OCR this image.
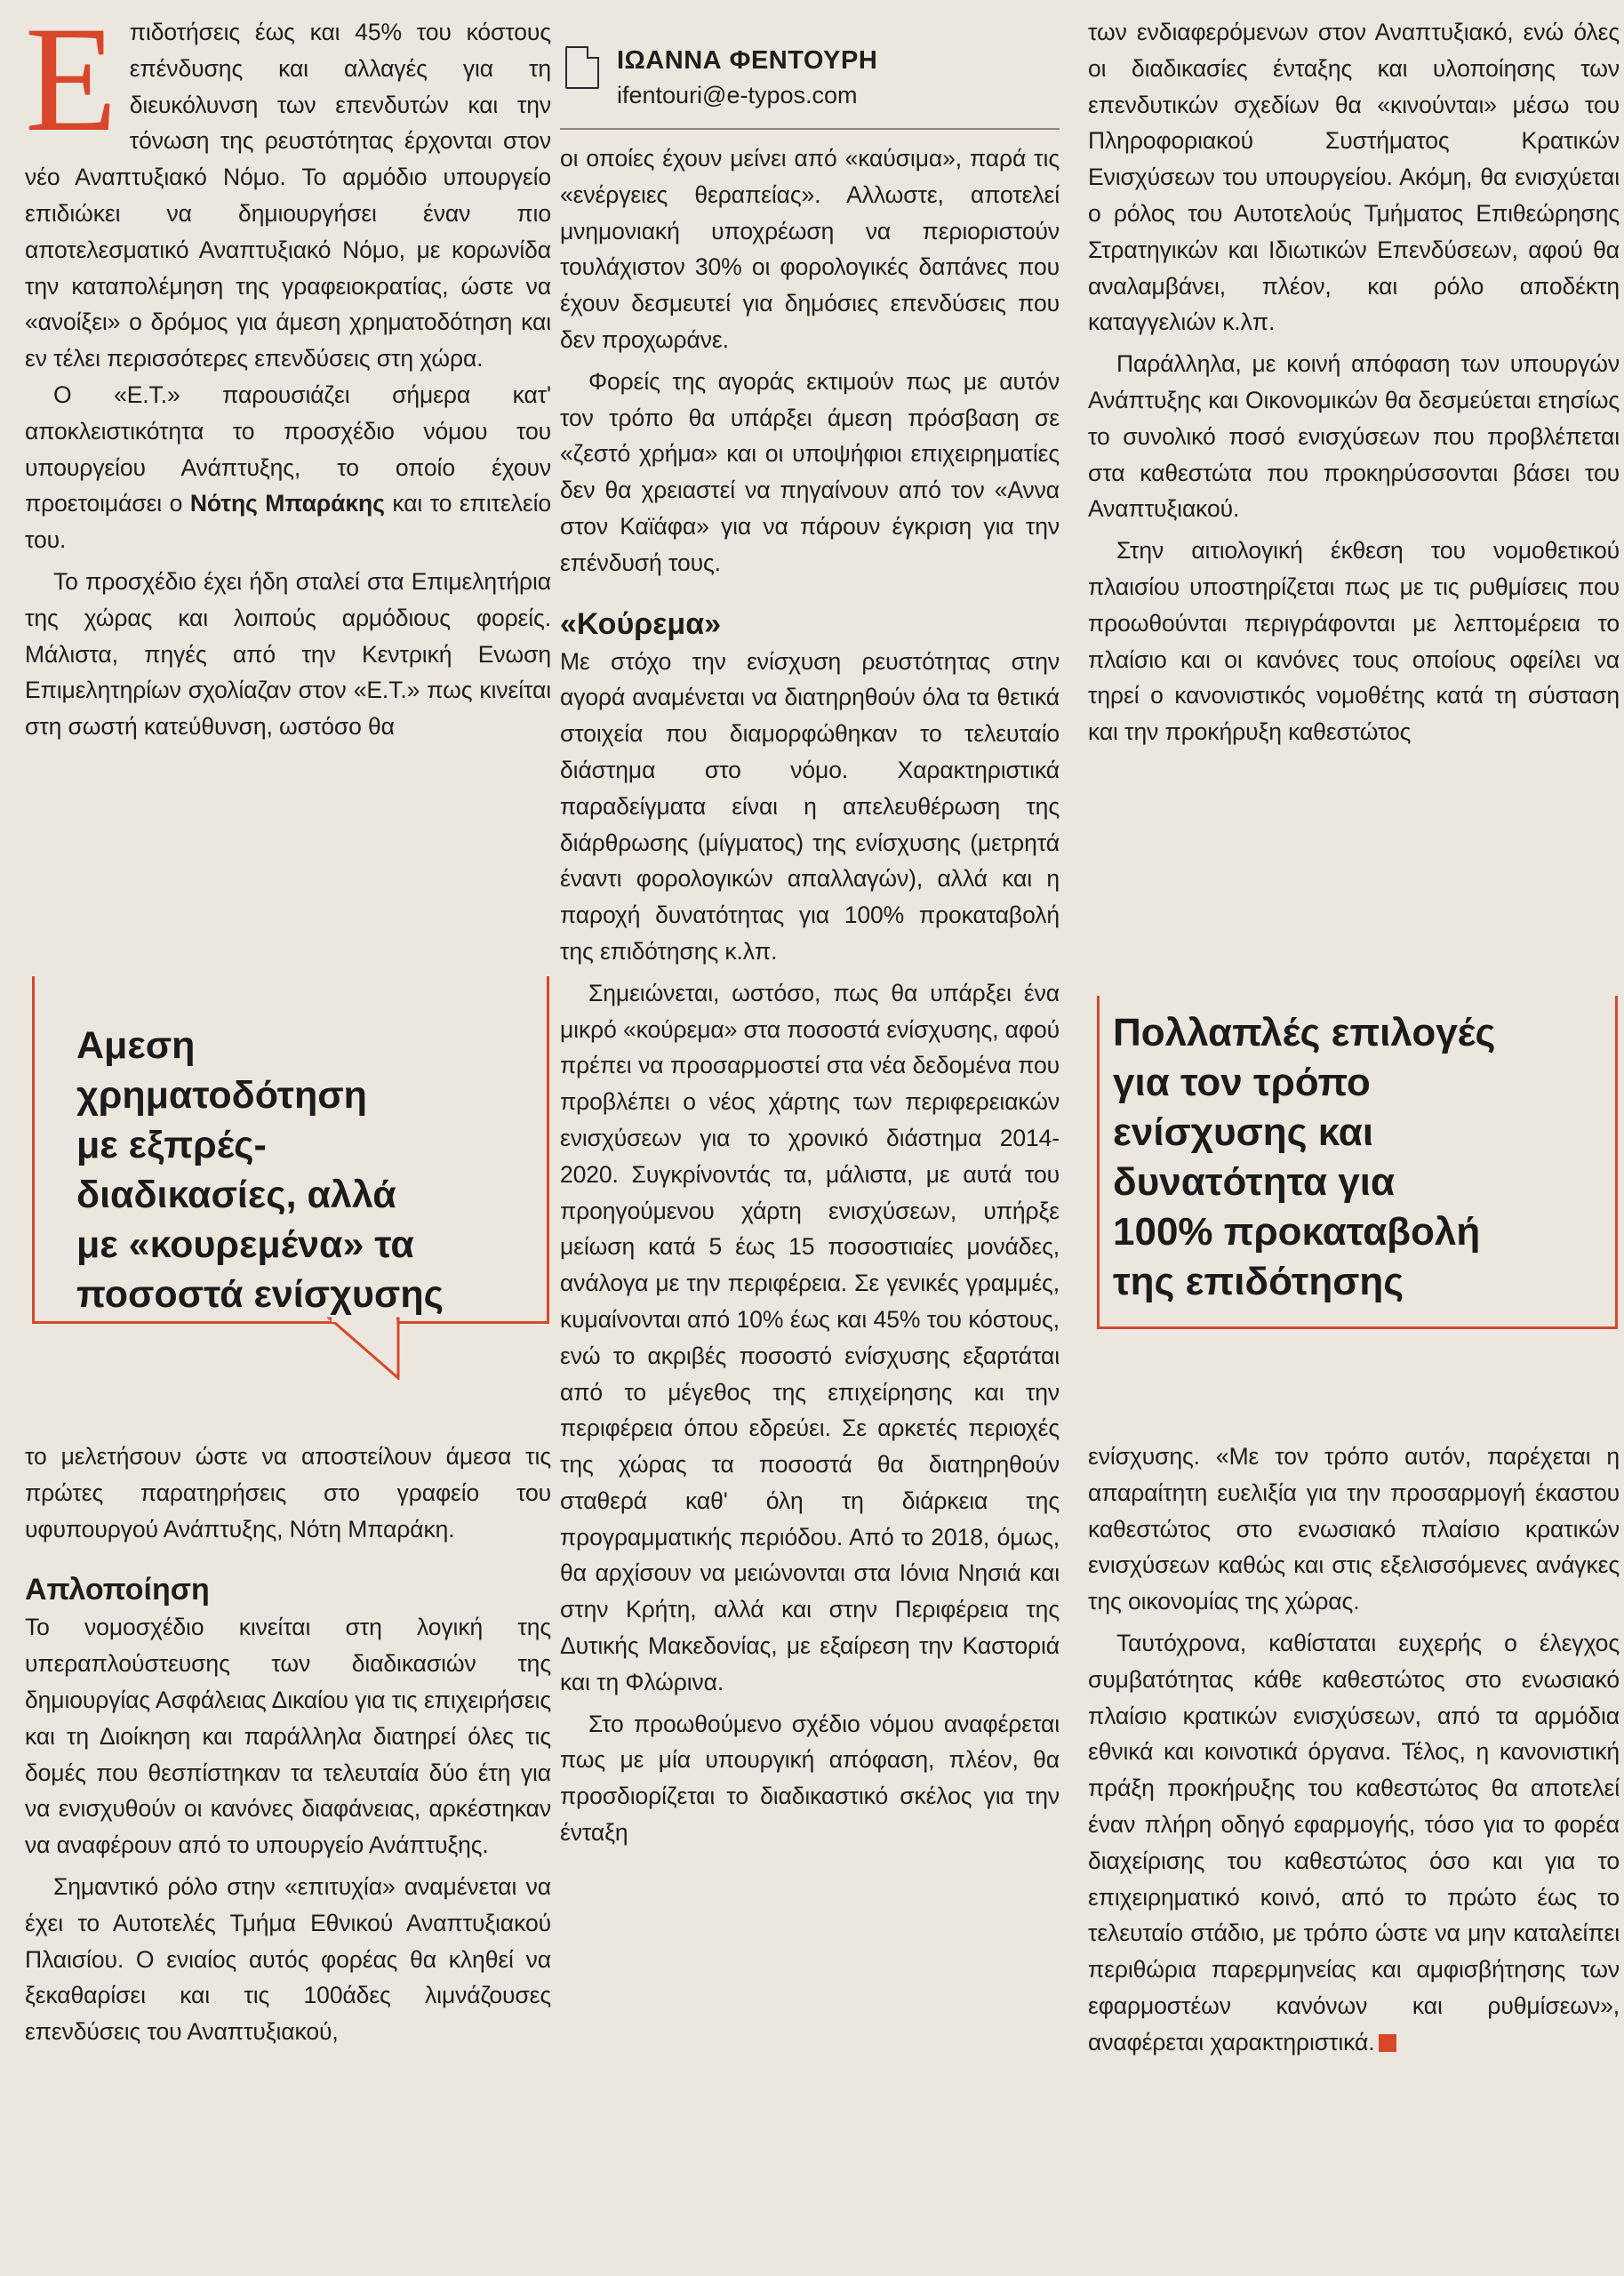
Ε πιδοτήσεις έως και 45% του κόστους επένδυσης και αλλαγές για τη διευκόλυνση των επενδυτών και την τόνωση της ρευστότητας έρχονται στον νέο Αναπτυξιακό Νόμο. Το αρμόδιο υπουργείο επιδιώκει να δημιουργήσει έναν πιο αποτελεσματικό Αναπτυξιακό Νόμο, με κορωνίδα την καταπολέμηση της γραφειοκρατίας, ώστε να «ανοίξει» ο δρόμος για άμεση χρηματοδότηση και εν τέλει περισσότερες επενδύσεις στη χώρα.

Ο «Ε.Τ.» παρουσιάζει σήμερα κατ' αποκλειστικότητα το προσχέδιο νόμου του υπουργείου Ανάπτυξης, το οποίο έχουν προετοιμάσει ο Νότης Μπαράκης και το επιτελείο του.

Το προσχέδιο έχει ήδη σταλεί στα Επιμελητήρια της χώρας και λοιπούς αρμόδιους φορείς. Μάλιστα, πηγές από την Κεντρική Ενωση Επιμελητηρίων σχολίαζαν στον «Ε.Τ.» πως κινείται στη σωστή κατεύθυνση, ωστόσο θα

Αμεση
χρηματοδότηση
με εξπρές-
διαδικασίες, αλλά
με «κουρεμένα» τα
ποσοστά ενίσχυσης

το μελετήσουν ώστε να αποστείλουν άμεσα τις πρώτες παρατηρήσεις στο γραφείο του υφυπουργού Ανάπτυξης, Νότη Μπαράκη.

Απλοποίηση

Το νομοσχέδιο κινείται στη λογική της υπεραπλούστευσης των διαδικασιών της δημιουργίας Ασφάλειας Δικαίου για τις επιχειρήσεις και τη Διοίκηση και παράλληλα διατηρεί όλες τις δομές που θεσπίστηκαν τα τελευταία δύο έτη για να ενισχυθούν οι κανόνες διαφάνειας, αρκέστηκαν να αναφέρουν από το υπουργείο Ανάπτυξης.

Σημαντικό ρόλο στην «επιτυχία» αναμένεται να έχει το Αυτοτελές Τμήμα Εθνικού Αναπτυξιακού Πλαισίου. Ο ενιαίος αυτός φορέας θα κληθεί να ξεκαθαρίσει και τις 100άδες λιμνάζουσες επενδύσεις του Αναπτυξιακού,

ΙΩΑΝΝΑ ΦΕΝΤΟΥΡΗ
ifentouri@e-typos.com

οι οποίες έχουν μείνει από «καύσιμα», παρά τις «ενέργειες θεραπείας». Αλλωστε, αποτελεί μνημονιακή υποχρέωση να περιοριστούν τουλάχιστον 30% οι φορολογικές δαπάνες που έχουν δεσμευτεί για δημόσιες επενδύσεις που δεν προχωράνε.

Φορείς της αγοράς εκτιμούν πως με αυτόν τον τρόπο θα υπάρξει άμεση πρόσβαση σε «ζεστό χρήμα» και οι υποψήφιοι επιχειρηματίες δεν θα χρειαστεί να πηγαίνουν από τον «Αννα στον Καϊάφα» για να πάρουν έγκριση για την επένδυσή τους.

«Κούρεμα»

Με στόχο την ενίσχυση ρευστότητας στην αγορά αναμένεται να διατηρηθούν όλα τα θετικά στοιχεία που διαμορφώθηκαν το τελευταίο διάστημα στο νόμο. Χαρακτηριστικά παραδείγματα είναι η απελευθέρωση της διάρθρωσης (μίγματος) της ενίσχυσης (μετρητά έναντι φορολογικών απαλλαγών), αλλά και η παροχή δυνατότητας για 100% προκαταβολή της επιδότησης κ.λπ.

Σημειώνεται, ωστόσο, πως θα υπάρξει ένα μικρό «κούρεμα» στα ποσοστά ενίσχυσης, αφού πρέπει να προσαρμοστεί στα νέα δεδομένα που προβλέπει ο νέος χάρτης των περιφερειακών ενισχύσεων για το χρονικό διάστημα 2014-2020. Συγκρίνοντάς τα, μάλιστα, με αυτά του προηγούμενου χάρτη ενισχύσεων, υπήρξε μείωση κατά 5 έως 15 ποσοστιαίες μονάδες, ανάλογα με την περιφέρεια. Σε γενικές γραμμές, κυμαίνονται από 10% έως και 45% του κόστους, ενώ το ακριβές ποσοστό ενίσχυσης εξαρτάται από το μέγεθος της επιχείρησης και την περιφέρεια όπου εδρεύει. Σε αρκετές περιοχές της χώρας τα ποσοστά θα διατηρηθούν σταθερά καθ' όλη τη διάρκεια της προγραμματικής περιόδου. Από το 2018, όμως, θα αρχίσουν να μειώνονται στα Ιόνια Νησιά και στην Κρήτη, αλλά και στην Περιφέρεια της Δυτικής Μακεδονίας, με εξαίρεση την Καστοριά και τη Φλώρινα.

Στο προωθούμενο σχέδιο νόμου αναφέρεται πως με μία υπουργική απόφαση, πλέον, θα προσδιορίζεται το διαδικαστικό σκέλος για την ένταξη

των ενδιαφερόμενων στον Αναπτυξιακό, ενώ όλες οι διαδικασίες ένταξης και υλοποίησης των επενδυτικών σχεδίων θα «κινούνται» μέσω του Πληροφοριακού Συστήματος Κρατικών Ενισχύσεων του υπουργείου. Ακόμη, θα ενισχύεται ο ρόλος του Αυτοτελούς Τμήματος Επιθεώρησης Στρατηγικών και Ιδιωτικών Επενδύσεων, αφού θα αναλαμβάνει, πλέον, και ρόλο αποδέκτη καταγγελιών κ.λπ.

Παράλληλα, με κοινή απόφαση των υπουργών Ανάπτυξης και Οικονομικών θα δεσμεύεται ετησίως το συνολικό ποσό ενισχύσεων που προβλέπεται στα καθεστώτα που προκηρύσσονται βάσει του Αναπτυξιακού.

Στην αιτιολογική έκθεση του νομοθετικού πλαισίου υποστηρίζεται πως με τις ρυθμίσεις που προωθούνται περιγράφονται με λεπτομέρεια το πλαίσιο και οι κανόνες τους οποίους οφείλει να τηρεί ο κανονιστικός νομοθέτης κατά τη σύσταση και την προκήρυξη καθεστώτος

Πολλαπλές επιλογές
για τον τρόπο
ενίσχυσης και
δυνατότητα για
100% προκαταβολή
της επιδότησης

ενίσχυσης. «Με τον τρόπο αυτόν, παρέχεται η απαραίτητη ευελιξία για την προσαρμογή έκαστου καθεστώτος στο ενωσιακό πλαίσιο κρατικών ενισχύσεων καθώς και στις εξελισσόμενες ανάγκες της οικονομίας της χώρας.

Ταυτόχρονα, καθίσταται ευχερής ο έλεγχος συμβατότητας κάθε καθεστώτος στο ενωσιακό πλαίσιο κρατικών ενισχύσεων, από τα αρμόδια εθνικά και κοινοτικά όργανα. Τέλος, η κανονιστική πράξη προκήρυξης του καθεστώτος θα αποτελεί έναν πλήρη οδηγό εφαρμογής, τόσο για το φορέα διαχείρισης του καθεστώτος όσο και για το επιχειρηματικό κοινό, από το πρώτο έως το τελευταίο στάδιο, με τρόπο ώστε να μην καταλείπει περιθώρια παρερμηνείας και αμφισβήτησης των εφαρμοστέων κανόνων και ρυθμίσεων», αναφέρεται χαρακτηριστικά.
